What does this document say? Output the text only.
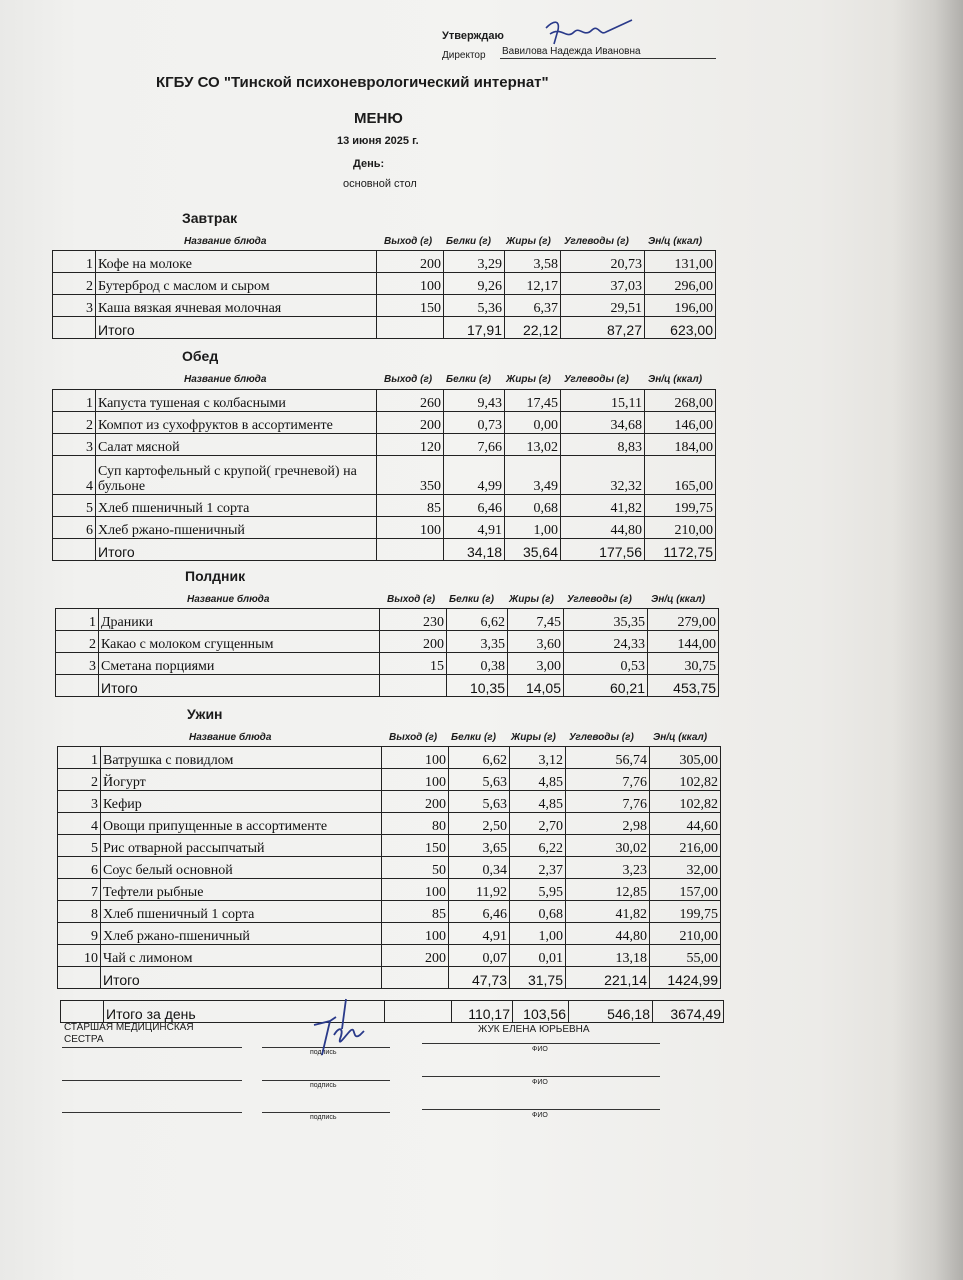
Утверждаю
Директор Вавилова Надежда Ивановна
КГБУ СО "Тинской психоневрологический интернат"
МЕНЮ
13 июня 2025 г.
День:
основной стол
Завтрак
Название блюда	Выход (г) Белки (г) Жиры (г) Углеводы (г) Эн/ц (ккал)
1	Кофе на молоке	200	3,29	3,58	20,73	131,00
2	Бутерброд с маслом и сыром	100	9,26	12,17	37,03	296,00
3	Каша вязкая ячневая молочная	150	5,36	6,37	29,51	196,00
	Итого		17,91	22,12	87,27	623,00
Обед
Название блюда	Выход (г) Белки (г) Жиры (г) Углеводы (г) Эн/ц (ккал)
1	Капуста тушеная с колбасными	260	9,43	17,45	15,11	268,00
2	Компот из сухофруктов в ассортименте	200	0,73	0,00	34,68	146,00
3	Салат мясной	120	7,66	13,02	8,83	184,00
4	Суп картофельный с крупой( гречневой) на бульоне	350	4,99	3,49	32,32	165,00
5	Хлеб пшеничный 1 сорта	85	6,46	0,68	41,82	199,75
6	Хлеб ржано-пшеничный	100	4,91	1,00	44,80	210,00
	Итого		34,18	35,64	177,56	1172,75
Полдник
Название блюда	Выход (г) Белки (г) Жиры (г) Углеводы (г) Эн/ц (ккал)
1	Драники	230	6,62	7,45	35,35	279,00
2	Какао с молоком сгущенным	200	3,35	3,60	24,33	144,00
3	Сметана порциями	15	0,38	3,00	0,53	30,75
	Итого		10,35	14,05	60,21	453,75
Ужин
Название блюда	Выход (г) Белки (г) Жиры (г) Углеводы (г) Эн/ц (ккал)
1	Ватрушка с повидлом	100	6,62	3,12	56,74	305,00
2	Йогурт	100	5,63	4,85	7,76	102,82
3	Кефир	200	5,63	4,85	7,76	102,82
4	Овощи припущенные в ассортименте	80	2,50	2,70	2,98	44,60
5	Рис отварной рассыпчатый	150	3,65	6,22	30,02	216,00
6	Соус белый основной	50	0,34	2,37	3,23	32,00
7	Тефтели рыбные	100	11,92	5,95	12,85	157,00
8	Хлеб пшеничный 1 сорта	85	6,46	0,68	41,82	199,75
9	Хлеб ржано-пшеничный	100	4,91	1,00	44,80	210,00
10	Чай с лимоном	200	0,07	0,01	13,18	55,00
	Итого		47,73	31,75	221,14	1424,99
	Итого за день		110,17	103,56	546,18	3674,49
СТАРШАЯ МЕДИЦИНСКАЯ
СЕСТРА
подпись
ЖУК ЕЛЕНА ЮРЬЕВНА
ФИО
подпись	ФИО
подпись	ФИО
